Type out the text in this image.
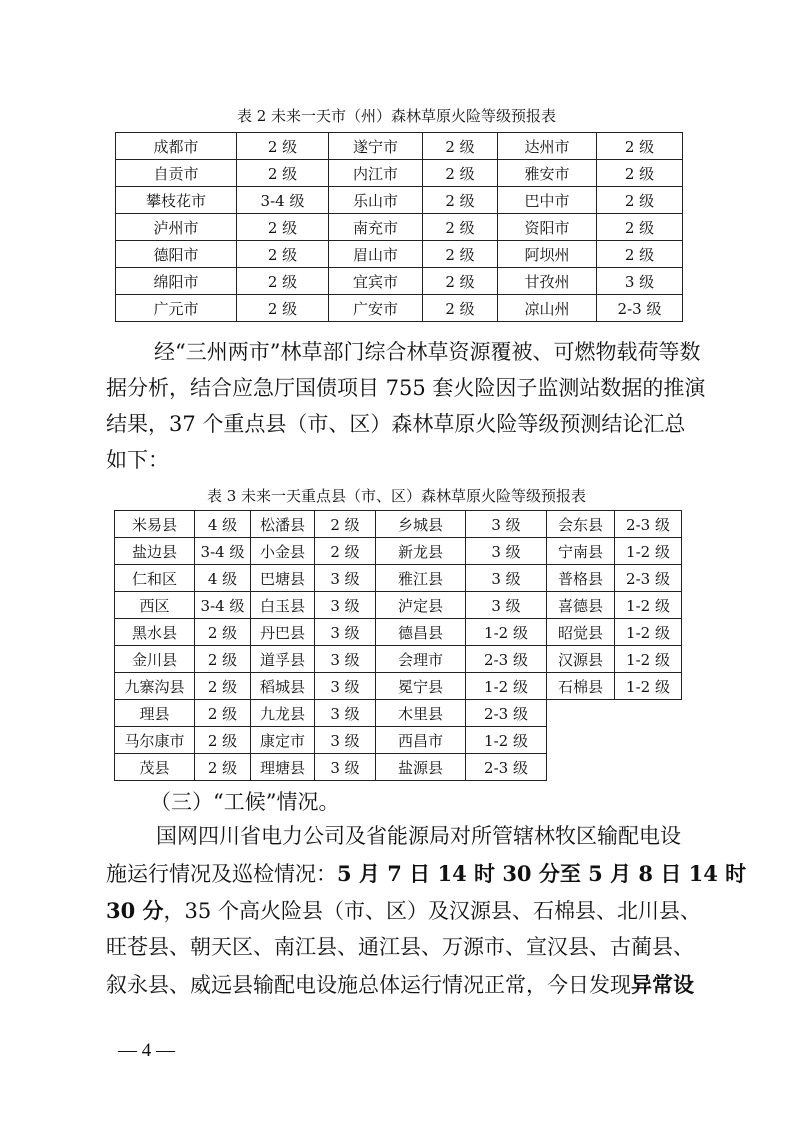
表 2 未来一天市（州）森林草原火险等级预报表
成都市	2 级	遂宁市	2 级	达州市	2 级
自贡市	2 级	内江市	2 级	雅安市	2 级
攀枝花市	3-4 级	乐山市	2 级	巴中市	2 级
泸州市	2 级	南充市	2 级	资阳市	2 级
德阳市	2 级	眉山市	2 级	阿坝州	2 级
绵阳市	2 级	宜宾市	2 级	甘孜州	3 级
广元市	2 级	广安市	2 级	凉山州	2-3 级
经“三州两市”林草部门综合林草资源覆被、可燃物载荷等数
据分析，结合应急厅国债项目 755 套火险因子监测站数据的推演
结果，37 个重点县（市、区）森林草原火险等级预测结论汇总
如下：
表 3 未来一天重点县（市、区）森林草原火险等级预报表
米易县	4 级	松潘县	2 级	乡城县	3 级	会东县	2-3 级
盐边县	3-4 级	小金县	2 级	新龙县	3 级	宁南县	1-2 级
仁和区	4 级	巴塘县	3 级	雅江县	3 级	普格县	2-3 级
西区	3-4 级	白玉县	3 级	泸定县	3 级	喜德县	1-2 级
黑水县	2 级	丹巴县	3 级	德昌县	1-2 级	昭觉县	1-2 级
金川县	2 级	道孚县	3 级	会理市	2-3 级	汉源县	1-2 级
九寨沟县	2 级	稻城县	3 级	冕宁县	1-2 级	石棉县	1-2 级
理县	2 级	九龙县	3 级	木里县	2-3 级		
马尔康市	2 级	康定市	3 级	西昌市	1-2 级		
茂县	2 级	理塘县	3 级	盐源县	2-3 级		
（三）“工候”情况。
国网四川省电力公司及省能源局对所管辖林牧区输配电设
施运行情况及巡检情况：5 月 7 日 14 时 30 分至 5 月 8 日 14 时
30 分，35 个高火险县（市、区）及汉源县、石棉县、北川县、
旺苍县、朝天区、南江县、通江县、万源市、宣汉县、古蔺县、
叙永县、威远县输配电设施总体运行情况正常，今日发现异常设
— 4 —
